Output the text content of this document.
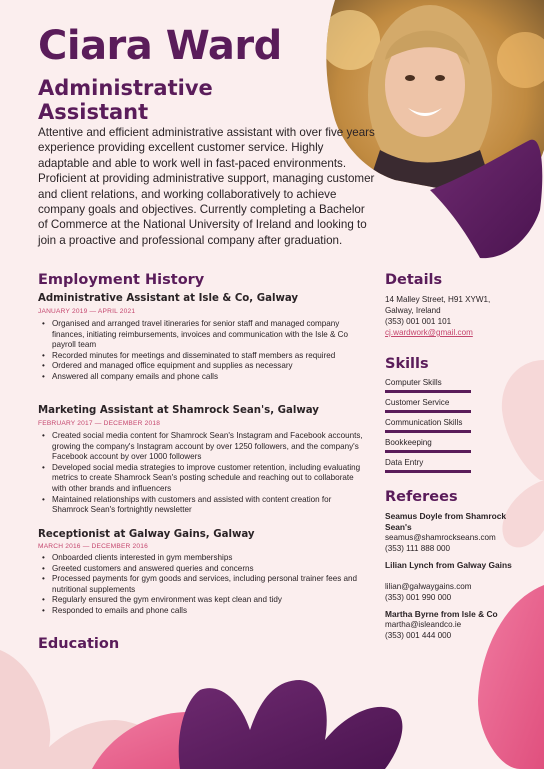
Ciara Ward
Administrative Assistant
Attentive and efficient administrative assistant with over five years experience providing excellent customer service. Highly adaptable and able to work well in fast-paced environments. Proficient at providing administrative support, managing customer and client relations, and working collaboratively to achieve company goals and objectives. Currently completing a Bachelor of Commerce at the National University of Ireland and looking to join a proactive and professional company after graduation.
Employment History
Administrative Assistant at Isle & Co, Galway
JANUARY 2019 — APRIL 2021
• Organised and arranged travel itineraries for senior staff and managed company finances, initiating reimbursements, invoices and communication with the Isle & Co payroll team
• Recorded minutes for meetings and disseminated to staff members as required
• Ordered and managed office equipment and supplies as necessary
• Answered all company emails and phone calls
Marketing Assistant at Shamrock Sean's, Galway
FEBRUARY 2017 — DECEMBER 2018
• Created social media content for Shamrock Sean's Instagram and Facebook accounts, growing the company's Instagram account by over 1250 followers, and the company's Facebook account by over 1000 followers
• Developed social media strategies to improve customer retention, including evaluating metrics to create Shamrock Sean's posting schedule and reaching out to collaborate with other brands and influencers
• Maintained relationships with customers and assisted with content creation for Shamrock Sean's fortnightly newsletter
Receptionist at Galway Gains, Galway
MARCH 2016 — DECEMBER 2016
• Onboarded clients interested in gym memberships
• Greeted customers and answered queries and concerns
• Processed payments for gym goods and services, including personal trainer fees and nutritional supplements
• Regularly ensured the gym environment was kept clean and tidy
• Responded to emails and phone calls
Education
Details
14 Malley Street, H91 XYW1,
Galway, Ireland
(353) 001 001 101
cj.wardwork@gmail.com
Skills
Computer Skills
Customer Service
Communication Skills
Bookkeeping
Data Entry
Referees
Seamus Doyle from Shamrock Sean's
seamus@shamrockseans.com
(353) 111 888 000
Lilian Lynch from Galway Gains
lilian@galwaygains.com
(353) 001 990 000
Martha Byrne from Isle & Co
martha@isleandco.ie
(353) 001 444 000
